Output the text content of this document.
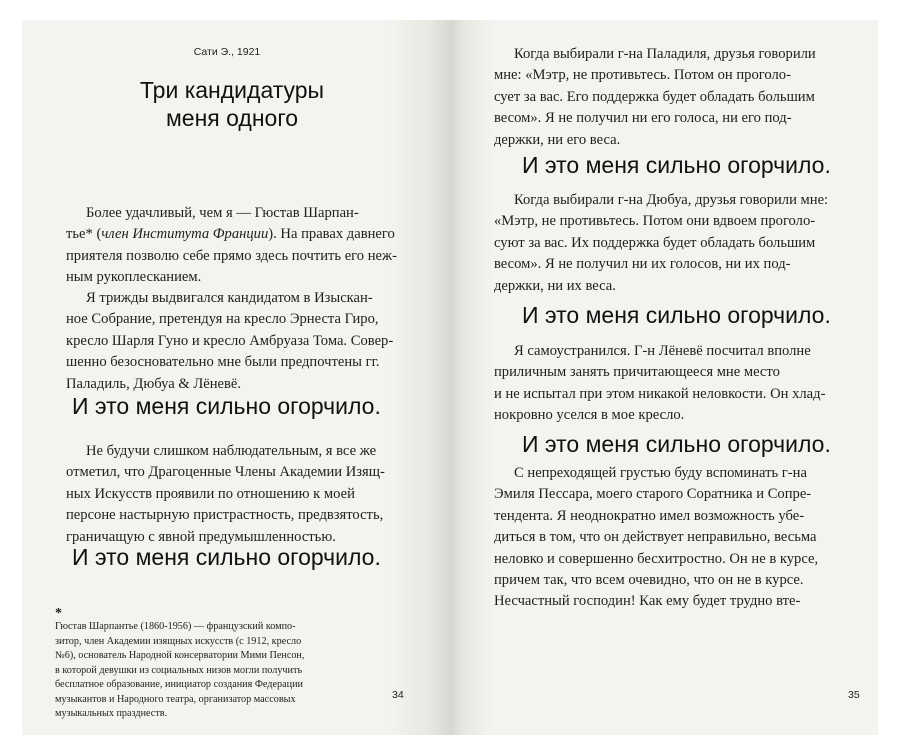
Сати Э., 1921
Три кандидатуры
меня одного

Более удачливый, чем я — Гюстав Шарпан-

тье* (член Института Франции). На правах давнего

приятеля позволю себе прямо здесь почтить его неж-

ным рукоплесканием.

Я трижды выдвигался кандидатом в Изыскан-

ное Собрание, претендуя на кресло Эрнеста Гиро,

кресло Шарля Гуно и кресло Амбруаза Тома. Совер-

шенно безосновательно мне были предпочтены гг.

Паладиль, Дюбуа & Лёневё.

И это меня сильно огорчило.

Не будучи слишком наблюдательным, я все же

отметил, что Драгоценные Члены Академии Изящ-

ных Искусств проявили по отношению к моей

персоне настырную пристрастность, предвзятость,

граничащую с явной предумышленностью.

И это меня сильно огорчило.
*
Гюстав Шарпантье (1860-1956) — французский компо-
зитор, член Академии изящных искусств (с 1912, кресло
№6), основатель Народной консерватории Мими Пенсон,
в которой девушки из социальных низов могли получить
бесплатное образование, инициатор создания Федерации
музыкантов и Народного театра, организатор массовых
музыкальных празднеств.
34

Когда выбирали г-на Паладиля, друзья говорили

мне: «Мэтр, не противьтесь. Потом он проголо-

сует за вас. Его поддержка будет обладать большим

весом». Я не получил ни его голоса, ни его под-

держки, ни его веса.

И это меня сильно огорчило.

Когда выбирали г-на Дюбуа, друзья говорили мне:

«Мэтр, не противьтесь. Потом они вдвоем проголо-

суют за вас. Их поддержка будет обладать большим

весом». Я не получил ни их голосов, ни их под-

держки, ни их веса.

И это меня сильно огорчило.

Я самоустранился. Г-н Лёневё посчитал вполне

приличным занять причитающееся мне место

и не испытал при этом никакой неловкости. Он хлад-

нокровно уселся в мое кресло.

И это меня сильно огорчило.

С непреходящей грустью буду вспоминать г-на

Эмиля Пессара, моего старого Соратника и Сопре-

тендента. Я неоднократно имел возможность убе-

диться в том, что он действует неправильно, весьма

неловко и совершенно бесхитростно. Он не в курсе,

причем так, что всем очевидно, что он не в курсе.

Несчастный господин! Как ему будет трудно вте-

35
